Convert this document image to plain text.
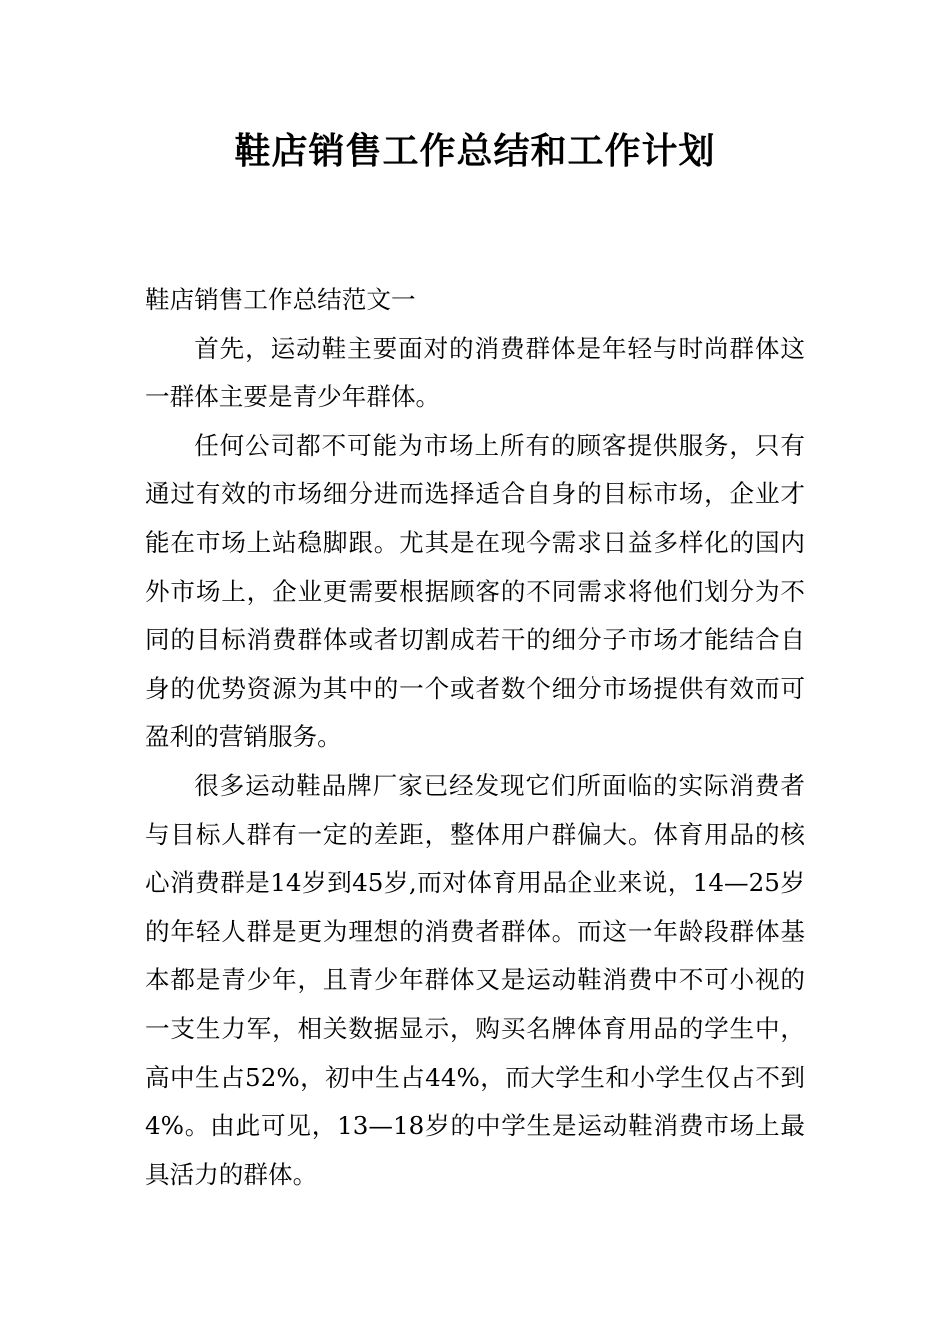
鞋店销售工作总结和工作计划
鞋店销售工作总结范文一

首先，运动鞋主要面对的消费群体是年轻与时尚群体这一群体主要是青少年群体。

任何公司都不可能为市场上所有的顾客提供服务，只有通过有效的市场细分进而选择适合自身的目标市场，企业才能在市场上站稳脚跟。尤其是在现今需求日益多样化的国内外市场上，企业更需要根据顾客的不同需求将他们划分为不同的目标消费群体或者切割成若干的细分子市场才能结合自身的优势资源为其中的一个或者数个细分市场提供有效而可盈利的营销服务。

很多运动鞋品牌厂家已经发现它们所面临的实际消费者与目标人群有一定的差距，整体用户群偏大。体育用品的核心消费群是14岁到45岁,而对体育用品企业来说，14—25岁的年轻人群是更为理想的消费者群体。而这一年龄段群体基本都是青少年，且青少年群体又是运动鞋消费中不可小视的一支生力军，相关数据显示，购买名牌体育用品的学生中，高中生占52%，初中生占44%，而大学生和小学生仅占不到4%。由此可见，13—18岁的中学生是运动鞋消费市场上最具活力的群体。
